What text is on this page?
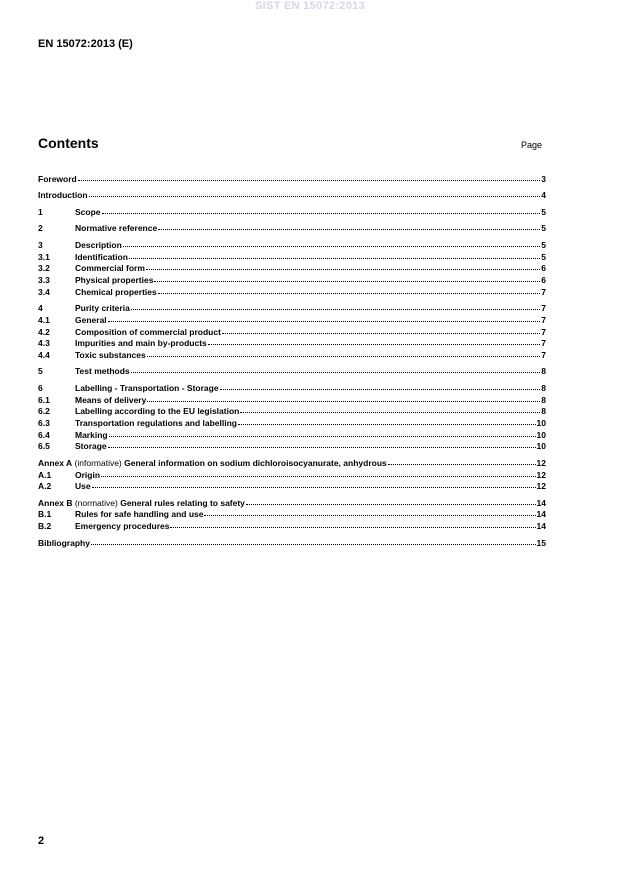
SIST EN 15072:2013
EN 15072:2013 (E)
Contents	Page
Foreword	3
Introduction	4
1	Scope	5
2	Normative reference	5
3	Description	5
3.1	Identification	5
3.2	Commercial form	6
3.3	Physical properties	6
3.4	Chemical properties	7
4	Purity criteria	7
4.1	General	7
4.2	Composition of commercial product	7
4.3	Impurities and main by-products	7
4.4	Toxic substances	7
5	Test methods	8
6	Labelling - Transportation - Storage	8
6.1	Means of delivery	8
6.2	Labelling according to the EU legislation	8
6.3	Transportation regulations and labelling	10
6.4	Marking	10
6.5	Storage	10
Annex A (informative) General information on sodium dichloroisocyanurate, anhydrous	12
A.1	Origin	12
A.2	Use	12
Annex B (normative) General rules relating to safety	14
B.1	Rules for safe handling and use	14
B.2	Emergency procedures	14
Bibliography	15
2
